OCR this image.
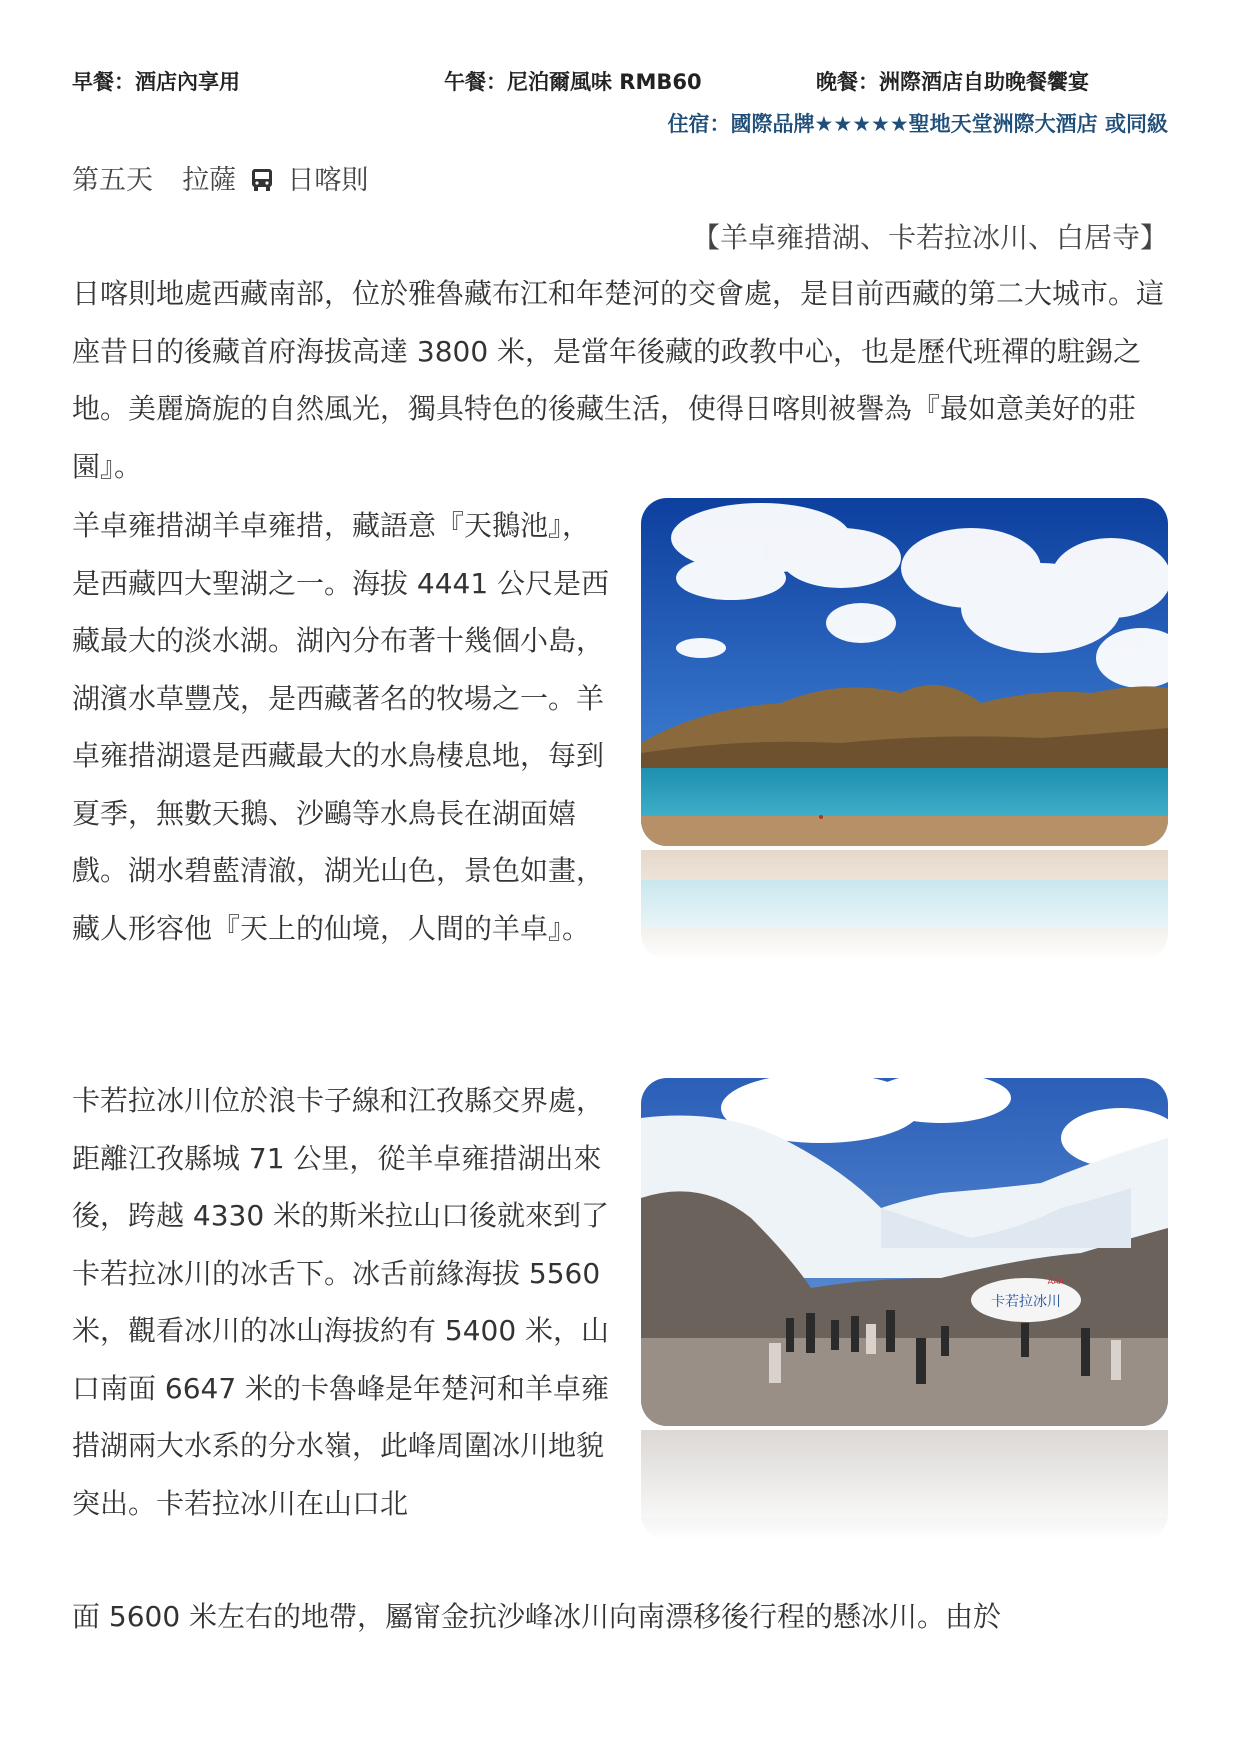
早餐：酒店內享用	午餐：尼泊爾風味 RMB60	晚餐：洲際酒店自助晚餐饗宴
住宿：國際品牌★★★★★聖地天堂洲際大酒店 或同級
第五天 拉薩 日喀則
【羊卓雍措湖、卡若拉冰川、白居寺】
日喀則地處西藏南部，位於雅魯藏布江和年楚河的交會處，是目前西藏的第二大城市。這座昔日的後藏首府海拔高達 3800 米，是當年後藏的政教中心，也是歷代班禪的駐錫之地。美麗旖旎的自然風光，獨具特色的後藏生活，使得日喀則被譽為『最如意美好的莊園』。
羊卓雍措湖羊卓雍措，藏語意『天鵝池』，是西藏四大聖湖之一。海拔 4441 公尺是西藏最大的淡水湖。湖內分布著十幾個小島，湖濱水草豐茂，是西藏著名的牧場之一。羊卓雍措湖還是西藏最大的水鳥棲息地，每到夏季，無數天鵝、沙鷗等水鳥長在湖面嬉戲。湖水碧藍清澈，湖光山色，景色如畫，藏人形容他『天上的仙境，人間的羊卓』。
卡若拉冰川位於浪卡子線和江孜縣交界處，距離江孜縣城 71 公里，從羊卓雍措湖出來後，跨越 4330 米的斯米拉山口後就來到了卡若拉冰川的冰舌下。冰舌前緣海拔 5560 米，觀看冰川的冰山海拔約有 5400 米，山口南面 6647 米的卡魯峰是年楚河和羊卓雍措湖兩大水系的分水嶺，此峰周圍冰川地貌突出。卡若拉冰川在山口北
卡若拉冰川
AAA
面 5600 米左右的地帶，屬甯金抗沙峰冰川向南漂移後行程的懸冰川。由於
